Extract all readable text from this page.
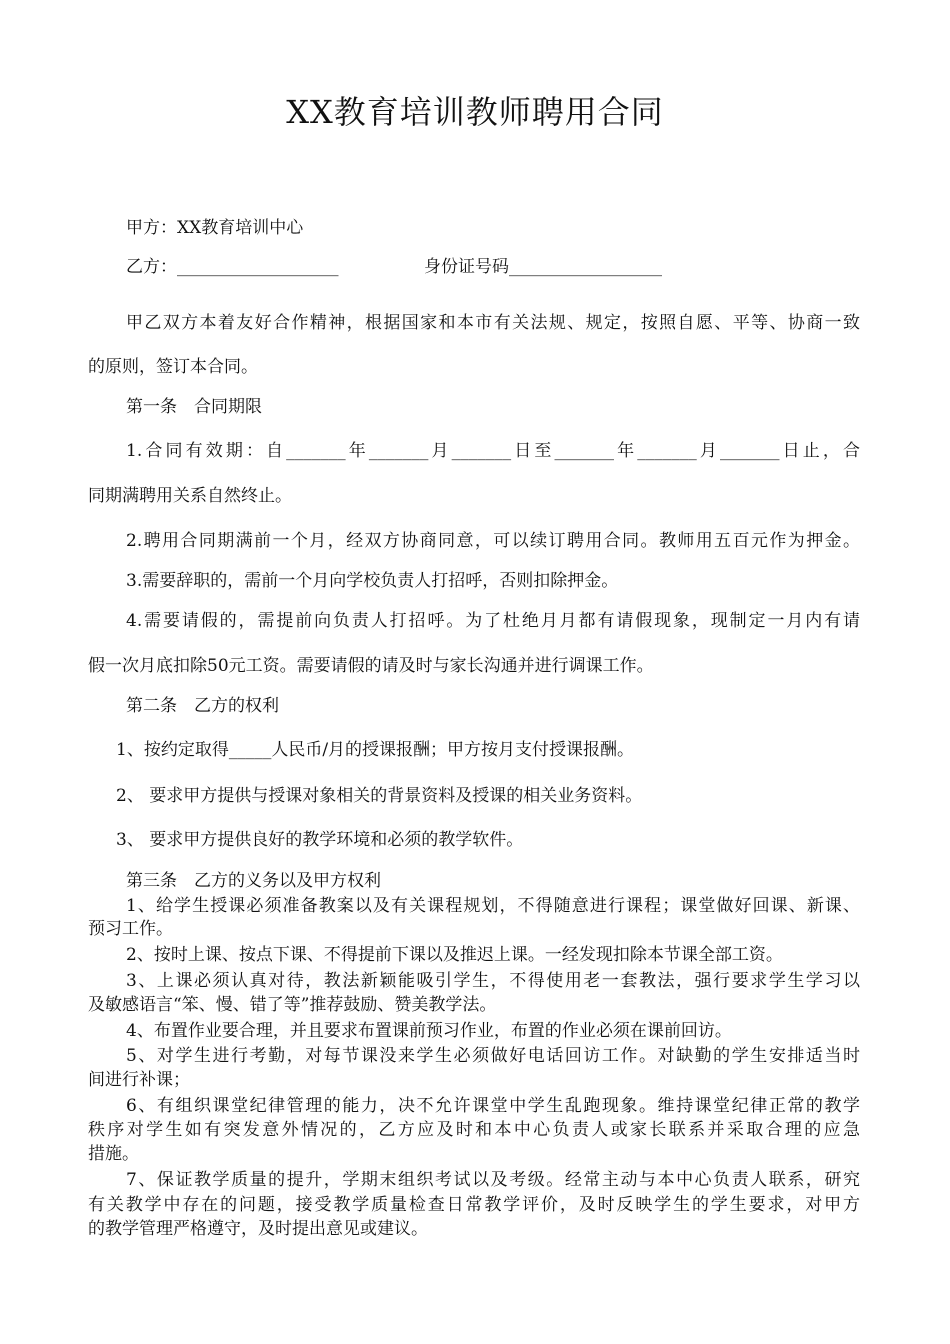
XX教育培训教师聘用合同
甲方：XX教育培训中心
乙方：___________________	身份证号码__________________
甲乙双方本着友好合作精神，根据国家和本市有关法规、规定，按照自愿、平等、协商一致
的原则，签订本合同。
第一条　合同期限
1.合同有效期：自_______年_______月_______日至_______年_______月_______日止，合
同期满聘用关系自然终止。
2.聘用合同期满前一个月，经双方协商同意，可以续订聘用合同。教师用五百元作为押金。
3.需要辞职的，需前一个月向学校负责人打招呼，否则扣除押金。
4.需要请假的，需提前向负责人打招呼。为了杜绝月月都有请假现象，现制定一月内有请
假一次月底扣除50元工资。需要请假的请及时与家长沟通并进行调课工作。
第二条　乙方的权利
1、按约定取得_____人民币/月的授课报酬；甲方按月支付授课报酬。
2、 要求甲方提供与授课对象相关的背景资料及授课的相关业务资料。
3、 要求甲方提供良好的教学环境和必须的教学软件。
第三条　乙方的义务以及甲方权利
1、给学生授课必须准备教案以及有关课程规划，不得随意进行课程；课堂做好回课、新课、
预习工作。
2、按时上课、按点下课、不得提前下课以及推迟上课。一经发现扣除本节课全部工资。
3、上课必须认真对待，教法新颖能吸引学生，不得使用老一套教法，强行要求学生学习以
及敏感语言“笨、慢、错了等”推荐鼓励、赞美教学法。
4、布置作业要合理，并且要求布置课前预习作业，布置的作业必须在课前回访。
5、对学生进行考勤，对每节课没来学生必须做好电话回访工作。对缺勤的学生安排适当时
间进行补课；
6、有组织课堂纪律管理的能力，决不允许课堂中学生乱跑现象。维持课堂纪律正常的教学
秩序对学生如有突发意外情况的，乙方应及时和本中心负责人或家长联系并采取合理的应急
措施。
7、保证教学质量的提升，学期末组织考试以及考级。经常主动与本中心负责人联系，研究
有关教学中存在的问题，接受教学质量检查日常教学评价，及时反映学生的学生要求，对甲方
的教学管理严格遵守，及时提出意见或建议。
